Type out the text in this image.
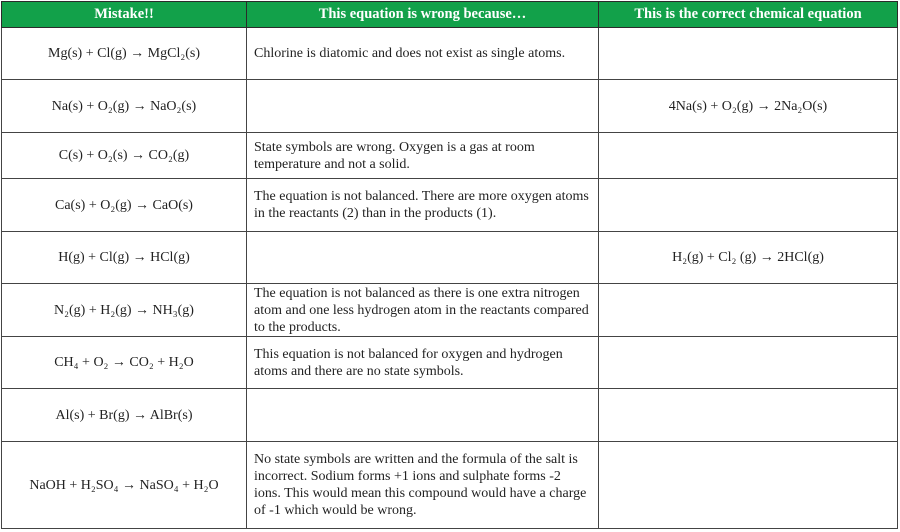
Mistake!!	This equation is wrong because…	This is the correct chemical equation
Mg(s) + Cl(g) → MgCl₂(s)	Chlorine is diatomic and does not exist as single atoms.	
Na(s) + O₂(g) → NaO₂(s)		4Na(s) + O₂(g) → 2Na₂O(s)
C(s) + O₂(s) → CO₂(g)	State symbols are wrong. Oxygen is a gas at room temperature and not a solid.	
Ca(s) + O₂(g) → CaO(s)	The equation is not balanced. There are more oxygen atoms in the reactants (2) than in the products (1).	
H(g) + Cl(g) → HCl(g)		H₂(g) + Cl₂ (g) → 2HCl(g)
N₂(g) + H₂(g) → NH₃(g)	The equation is not balanced as there is one extra nitrogen atom and one less hydrogen atom in the reactants compared to the products.	
CH₄ + O₂ → CO₂ + H₂O	This equation is not balanced for oxygen and hydrogen atoms and there are no state symbols.	
Al(s) + Br(g) → AlBr(s)		
NaOH + H₂SO₄ → NaSO₄ + H₂O	No state symbols are written and the formula of the salt is incorrect. Sodium forms +1 ions and sulphate forms -2 ions. This would mean this compound would have a charge of -1 which would be wrong.	
